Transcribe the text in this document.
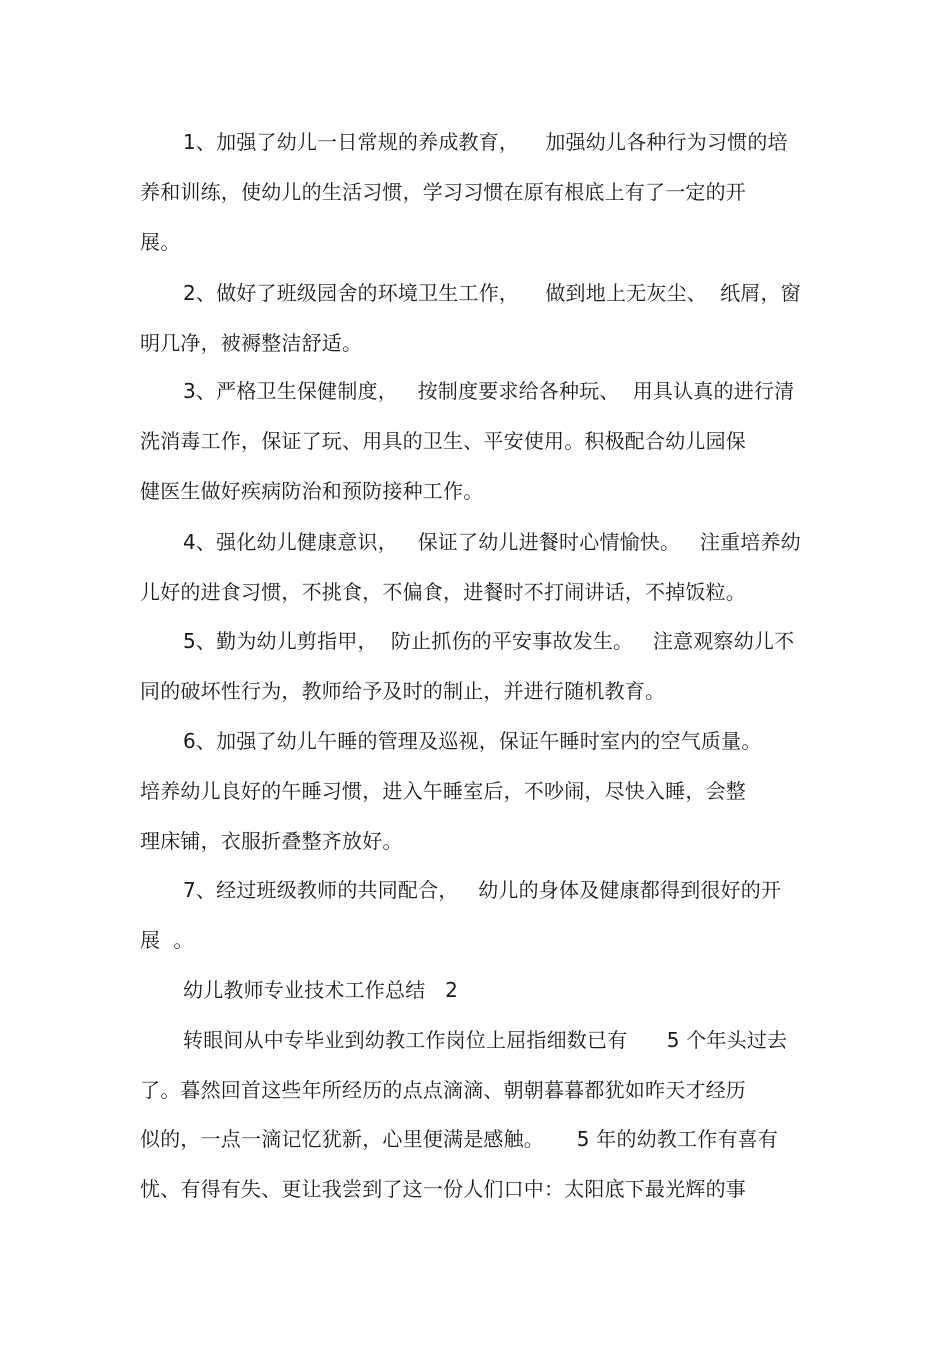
1、加强了幼儿一日常规的养成教育，    加强幼儿各种行为习惯的培
养和训练，使幼儿的生活习惯，学习习惯在原有根底上有了一定的开
展。
2、做好了班级园舍的环境卫生工作，    做到地上无灰尘、  纸屑，窗
明几净，被褥整洁舒适。
3、严格卫生保健制度，   按制度要求给各种玩、  用具认真的进行清
洗消毒工作，保证了玩、用具的卫生、平安使用。积极配合幼儿园保
健医生做好疾病防治和预防接种工作。
4、强化幼儿健康意识，   保证了幼儿进餐时心情愉快。   注重培养幼
儿好的进食习惯，不挑食，不偏食，进餐时不打闹讲话，不掉饭粒。
5、勤为幼儿剪指甲，  防止抓伤的平安事故发生。   注意观察幼儿不
同的破坏性行为，教师给予及时的制止，并进行随机教育。
6、加强了幼儿午睡的管理及巡视，保证午睡时室内的空气质量。
培养幼儿良好的午睡习惯，进入午睡室后，不吵闹，尽快入睡，会整
理床铺，衣服折叠整齐放好。
7、经过班级教师的共同配合，   幼儿的身体及健康都得到很好的开
展  。
幼儿教师专业技术工作总结   2
转眼间从中专毕业到幼教工作岗位上屈指细数已有      5 个年头过去
了。暮然回首这些年所经历的点点滴滴、朝朝暮暮都犹如昨天才经历
似的，一点一滴记忆犹新，心里便满是感触。     5 年的幼教工作有喜有
忧、有得有失、更让我尝到了这一份人们口中：太阳底下最光辉的事
